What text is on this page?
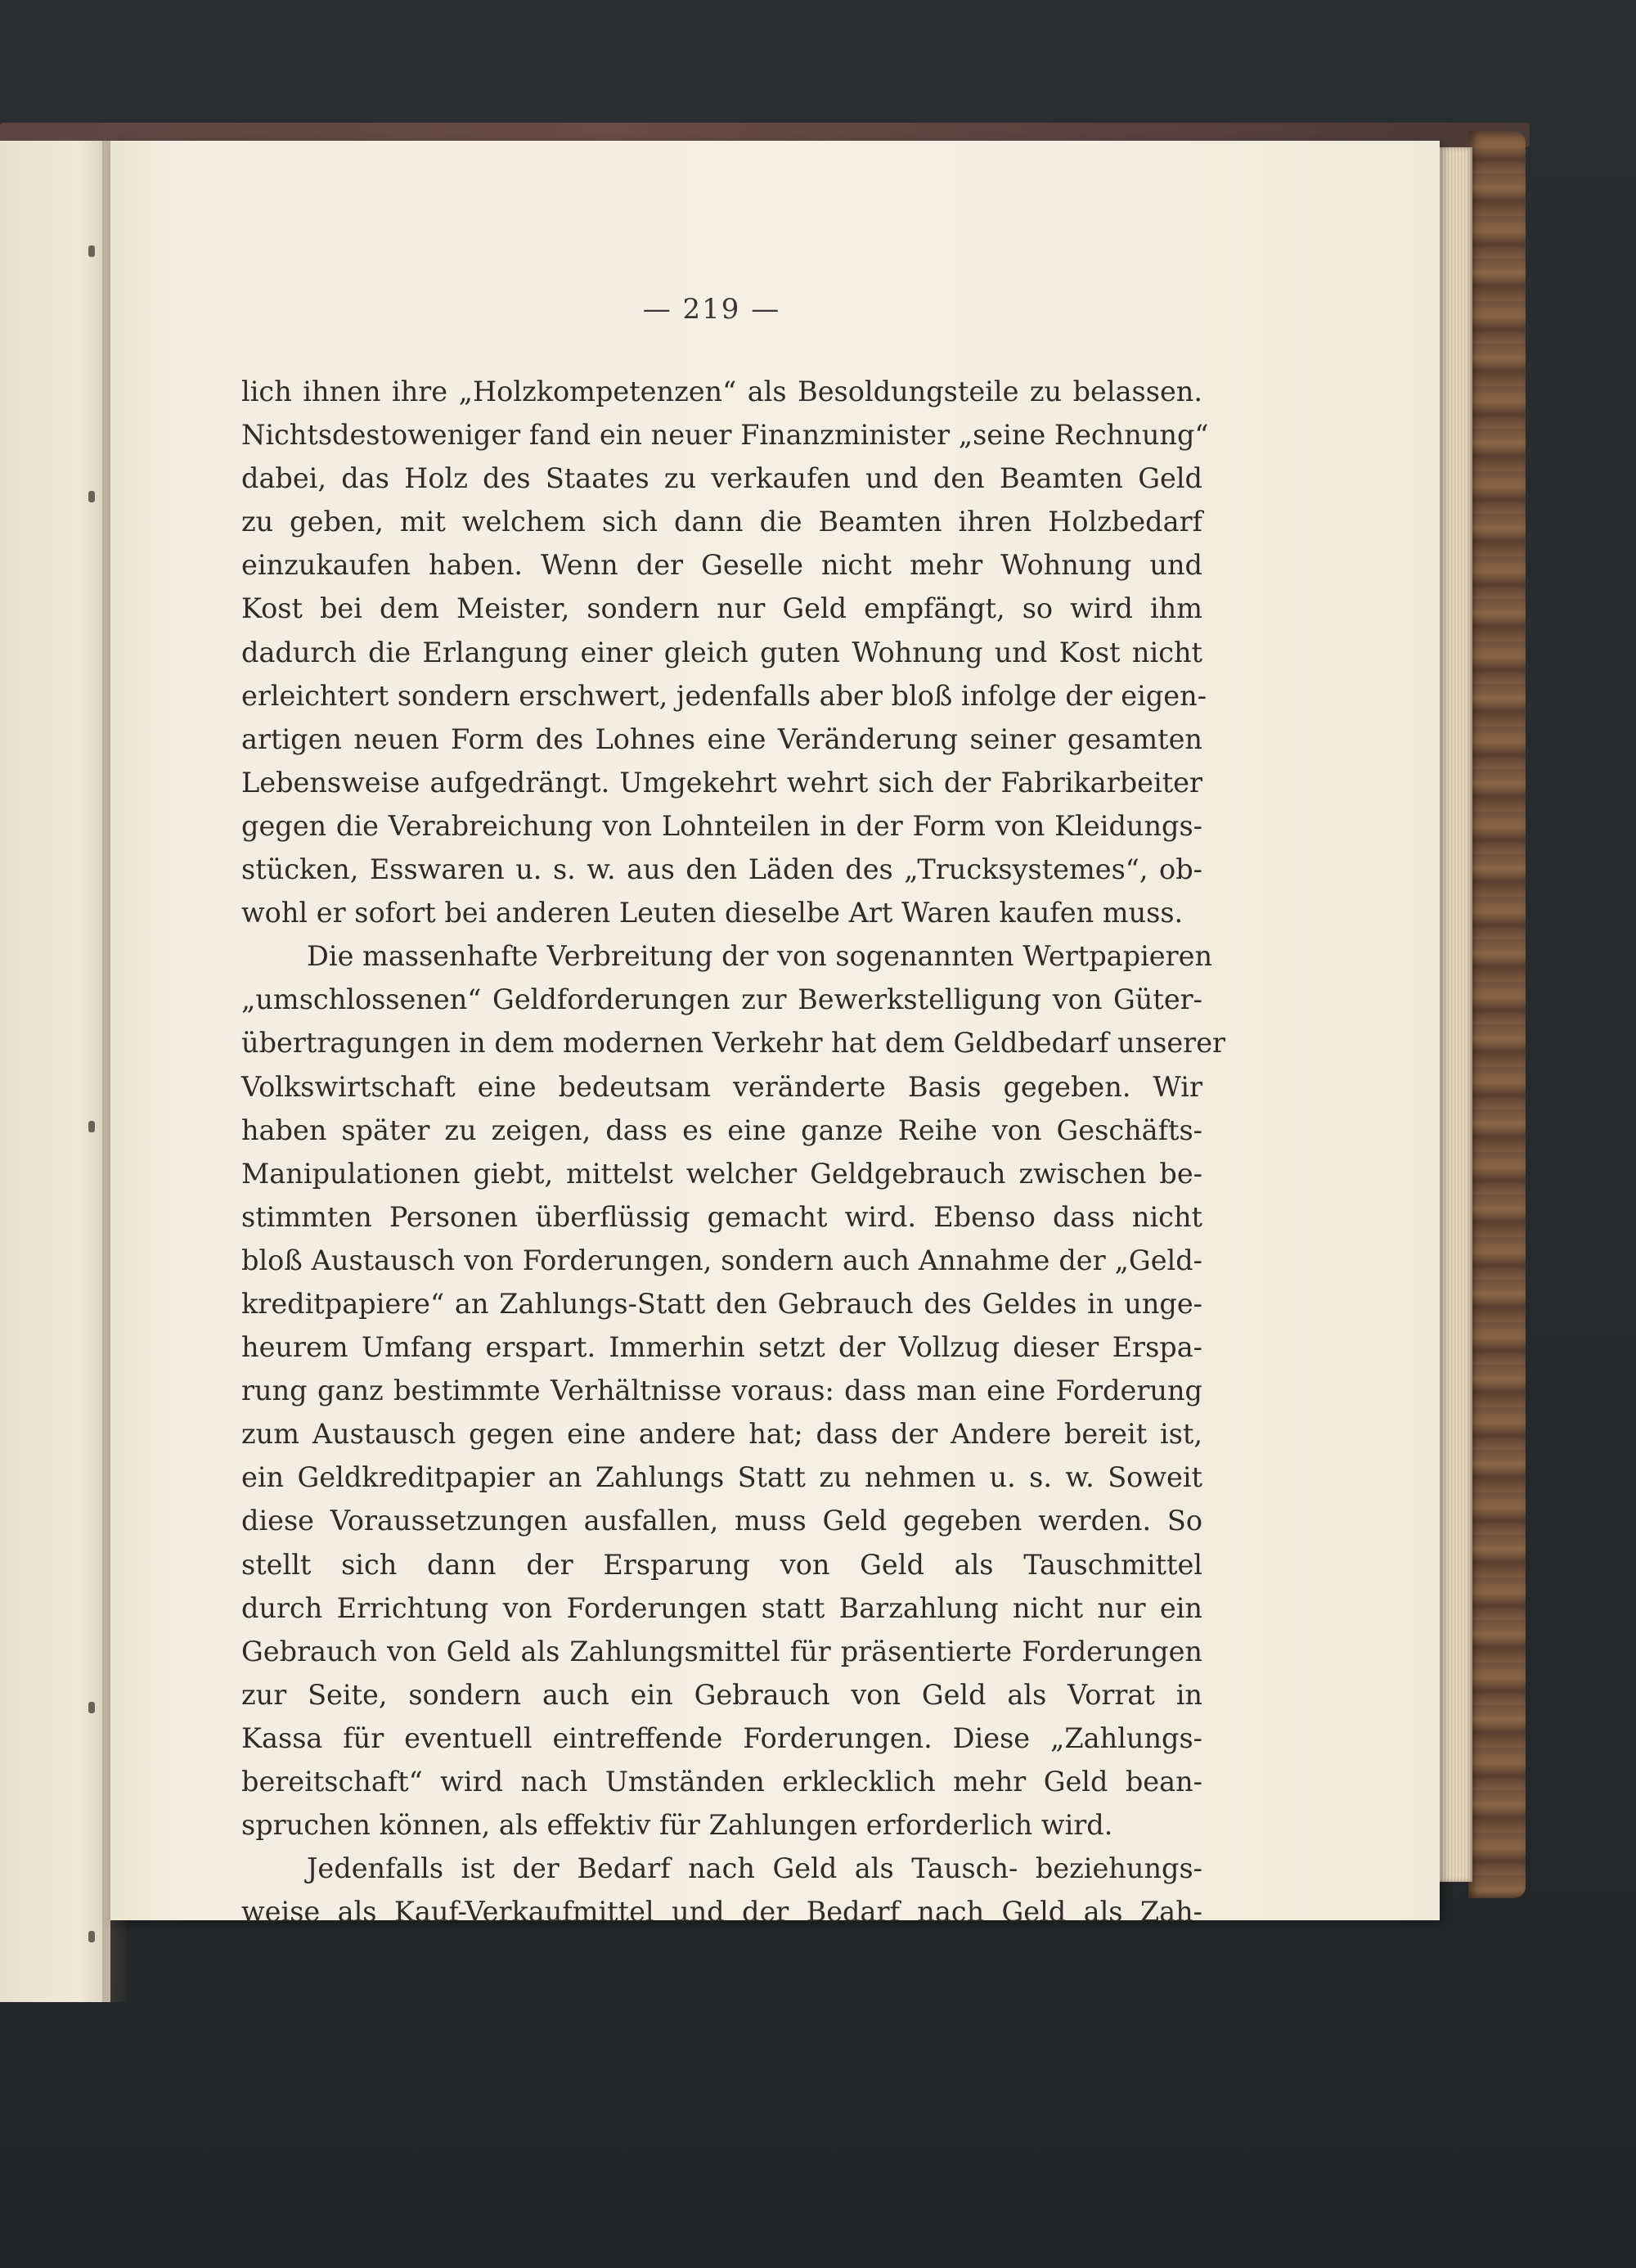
— 219 —
lich ihnen ihre „Holzkompetenzen“ als Besoldungsteile zu belassen.
Nichtsdestoweniger fand ein neuer Finanzminister „seine Rechnung“
dabei, das Holz des Staates zu verkaufen und den Beamten Geld
zu geben, mit welchem sich dann die Beamten ihren Holzbedarf
einzukaufen haben. Wenn der Geselle nicht mehr Wohnung und
Kost bei dem Meister, sondern nur Geld empfängt, so wird ihm
dadurch die Erlangung einer gleich guten Wohnung und Kost nicht
erleichtert sondern erschwert, jedenfalls aber bloß infolge der eigen-
artigen neuen Form des Lohnes eine Veränderung seiner gesamten
Lebensweise aufgedrängt. Umgekehrt wehrt sich der Fabrikarbeiter
gegen die Verabreichung von Lohnteilen in der Form von Kleidungs-
stücken, Esswaren u. s. w. aus den Läden des „Trucksystemes“, ob-
wohl er sofort bei anderen Leuten dieselbe Art Waren kaufen muss.
Die massenhafte Verbreitung der von sogenannten Wertpapieren
„umschlossenen“ Geldforderungen zur Bewerkstelligung von Güter-
übertragungen in dem modernen Verkehr hat dem Geldbedarf unserer
Volkswirtschaft eine bedeutsam veränderte Basis gegeben. Wir
haben später zu zeigen, dass es eine ganze Reihe von Geschäfts-
Manipulationen giebt, mittelst welcher Geldgebrauch zwischen be-
stimmten Personen überflüssig gemacht wird. Ebenso dass nicht
bloß Austausch von Forderungen, sondern auch Annahme der „Geld-
kreditpapiere“ an Zahlungs-Statt den Gebrauch des Geldes in unge-
heurem Umfang erspart. Immerhin setzt der Vollzug dieser Erspa-
rung ganz bestimmte Verhältnisse voraus: dass man eine Forderung
zum Austausch gegen eine andere hat; dass der Andere bereit ist,
ein Geldkreditpapier an Zahlungs Statt zu nehmen u. s. w. Soweit
diese Voraussetzungen ausfallen, muss Geld gegeben werden. So
stellt sich dann der Ersparung von Geld als Tauschmittel
durch Errichtung von Forderungen statt Barzahlung nicht nur ein
Gebrauch von Geld als Zahlungsmittel für präsentierte Forderungen
zur Seite, sondern auch ein Gebrauch von Geld als Vorrat in
Kassa für eventuell eintreffende Forderungen. Diese „Zahlungs-
bereitschaft“ wird nach Umständen erklecklich mehr Geld bean-
spruchen können, als effektiv für Zahlungen erforderlich wird.
Jedenfalls ist der Bedarf nach Geld als Tausch- beziehungs-
weise als Kauf-Verkaufmittel und der Bedarf nach Geld als Zah-
